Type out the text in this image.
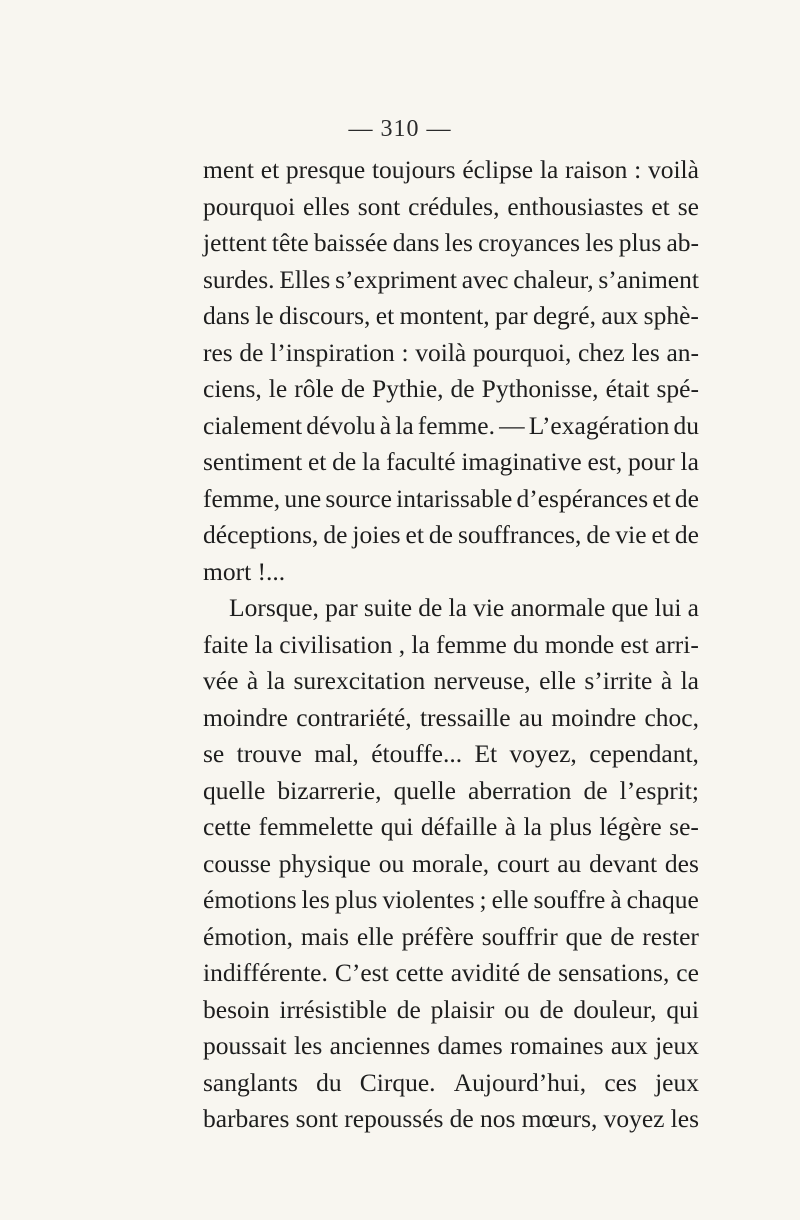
— 310 —
ment et presque toujours éclipse la raison : voilà
pourquoi elles sont crédules, enthousiastes et se
jettent tête baissée dans les croyances les plus ab-
surdes. Elles s’expriment avec chaleur, s’animent
dans le discours, et montent, par degré, aux sphè-
res de l’inspiration : voilà pourquoi, chez les an-
ciens, le rôle de Pythie, de Pythonisse, était spé-
cialement dévolu à la femme. — L’exagération du
sentiment et de la faculté imaginative est, pour la
femme, une source intarissable d’espérances et de
déceptions, de joies et de souffrances, de vie et de
mort !...
Lorsque, par suite de la vie anormale que lui a
faite la civilisation , la femme du monde est arri-
vée à la surexcitation nerveuse, elle s’irrite à la
moindre contrariété, tressaille au moindre choc,
se trouve mal, étouffe... Et voyez, cependant,
quelle bizarrerie, quelle aberration de l’esprit;
cette femmelette qui défaille à la plus légère se-
cousse physique ou morale, court au devant des
émotions les plus violentes ; elle souffre à chaque
émotion, mais elle préfère souffrir que de rester
indifférente. C’est cette avidité de sensations, ce
besoin irrésistible de plaisir ou de douleur, qui
poussait les anciennes dames romaines aux jeux
sanglants du Cirque. Aujourd’hui, ces jeux
barbares sont repoussés de nos mœurs, voyez les
